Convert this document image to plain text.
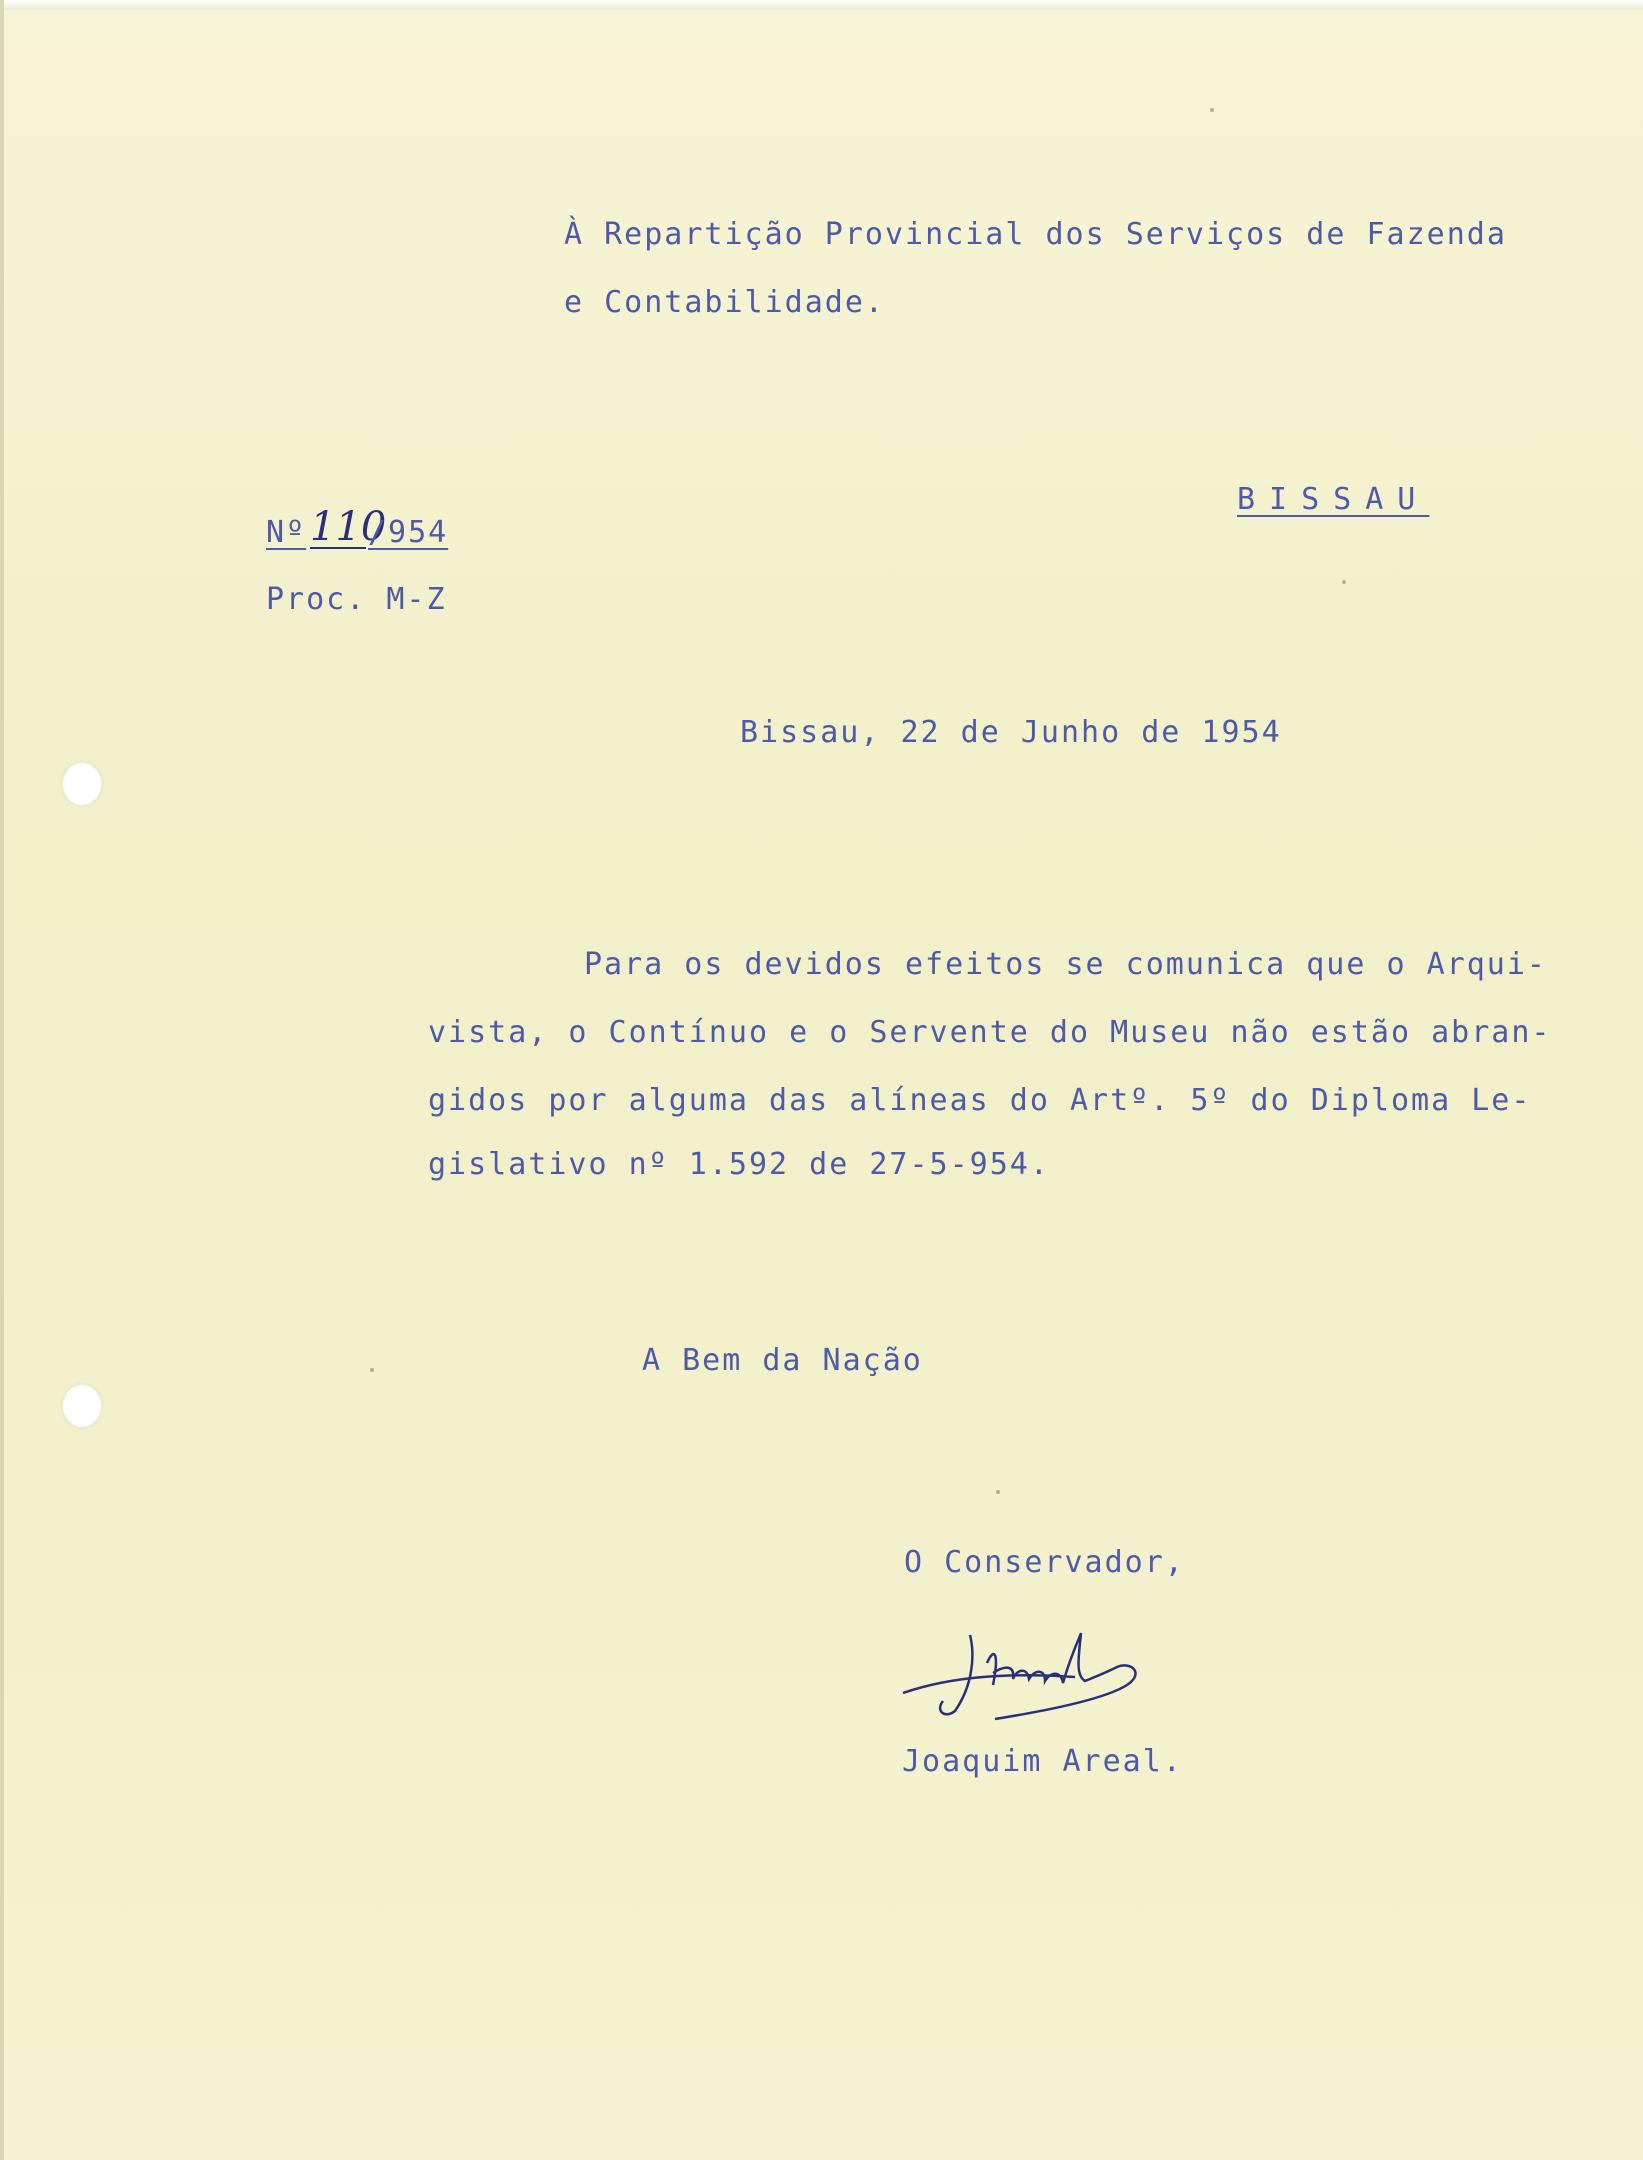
À Repartição Provincial dos Serviços de Fazenda
e Contabilidade.
BISSAU
Nº 110
/954
Proc. M-Z
Bissau, 22 de Junho de 1954
Para os devidos efeitos se comunica que o Arqui-
vista, o Contínuo e o Servente do Museu não estão abran-
gidos por alguma das alíneas do Artº. 5º do Diploma Le-
gislativo nº 1.592 de 27-5-954.
A Bem da Nação
O Conservador,
Joaquim Areal.
